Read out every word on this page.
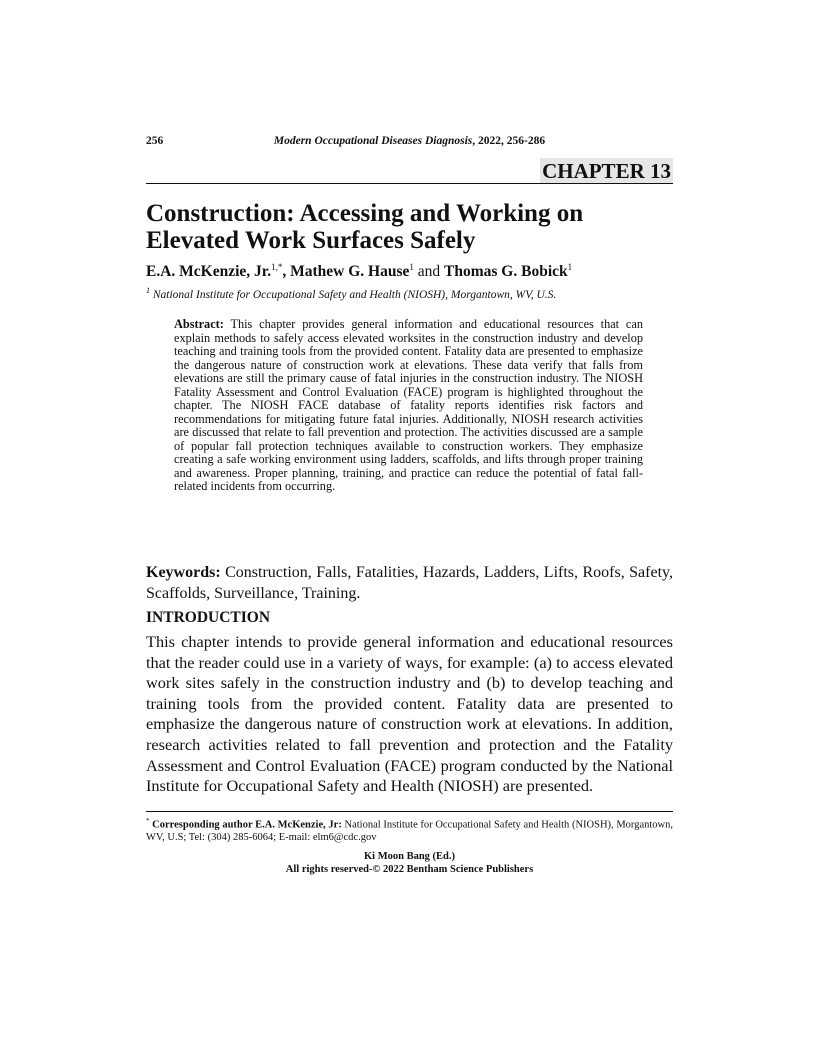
256	Modern Occupational Diseases Diagnosis, 2022, 256-286
CHAPTER 13
Construction: Accessing and Working on Elevated Work Surfaces Safely
E.A. McKenzie, Jr.$^{1,*}$, Mathew G. Hause$^1$ and Thomas G. Bobick$^1$
$^1$ National Institute for Occupational Safety and Health (NIOSH), Morgantown, WV, U.S.

Abstract: This chapter provides general information and educational resources that can explain methods to safely access elevated worksites in the construction industry and develop teaching and training tools from the provided content. Fatality data are presented to emphasize the dangerous nature of construction work at elevations. These data verify that falls from elevations are still the primary cause of fatal injuries in the construction industry. The NIOSH Fatality Assessment and Control Evaluation (FACE) program is highlighted throughout the chapter. The NIOSH FACE database of fatality reports identifies risk factors and recommendations for mitigating future fatal injuries. Additionally, NIOSH research activities are discussed that relate to fall prevention and protection. The activities discussed are a sample of popular fall protection techniques available to construction workers. They emphasize creating a safe working environment using ladders, scaffolds, and lifts through proper training and awareness. Proper planning, training, and practice can reduce the potential of fatal fall-related incidents from occurring.

Keywords: Construction, Falls, Fatalities, Hazards, Ladders, Lifts, Roofs, Safety, Scaffolds, Surveillance, Training.

INTRODUCTION

This chapter intends to provide general information and educational resources that the reader could use in a variety of ways, for example: (a) to access elevated work sites safely in the construction industry and (b) to develop teaching and training tools from the provided content. Fatality data are presented to emphasize the dangerous nature of construction work at elevations. In addition, research activities related to fall prevention and protection and the Fatality Assessment and Control Evaluation (FACE) program conducted by the National Institute for Occupational Safety and Health (NIOSH) are presented.

* Corresponding author E.A. McKenzie, Jr: National Institute for Occupational Safety and Health (NIOSH), Morgantown, WV, U.S; Tel: (304) 285-6064; E-mail: elm6@cdc.gov

Ki Moon Bang (Ed.)
All rights reserved-© 2022 Bentham Science Publishers
